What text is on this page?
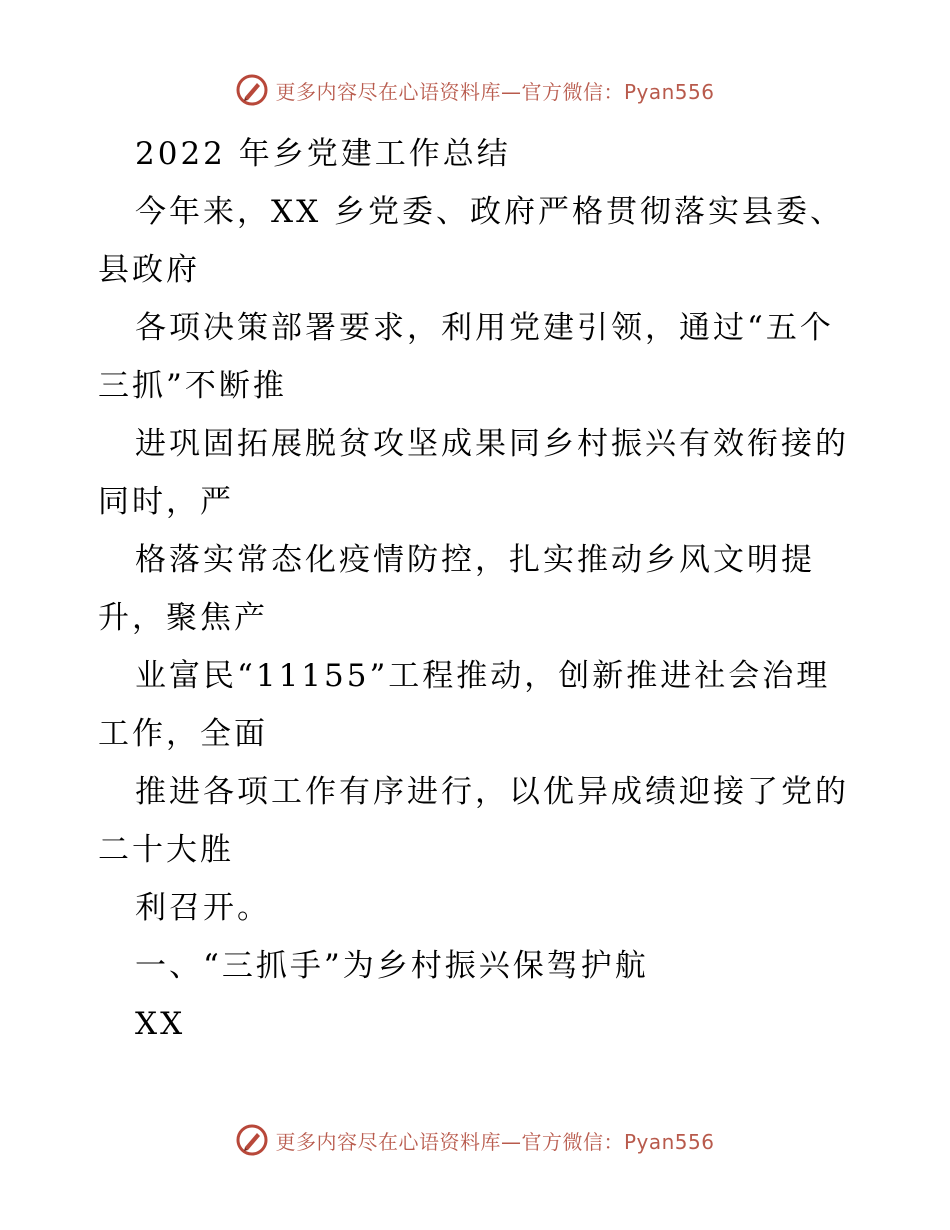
更多内容尽在心语资料库—官方微信：Pyan556
2022 年乡党建工作总结
今年来，XX 乡党委、政府严格贯彻落实县委、
县政府
各项决策部署要求，利用党建引领，通过“五个
三抓”不断推
进巩固拓展脱贫攻坚成果同乡村振兴有效衔接的
同时，严
格落实常态化疫情防控，扎实推动乡风文明提
升，聚焦产
业富民“11155”工程推动，创新推进社会治理
工作，全面
推进各项工作有序进行，以优异成绩迎接了党的
二十大胜
利召开。
一、“三抓手”为乡村振兴保驾护航
XX
更多内容尽在心语资料库—官方微信：Pyan556
